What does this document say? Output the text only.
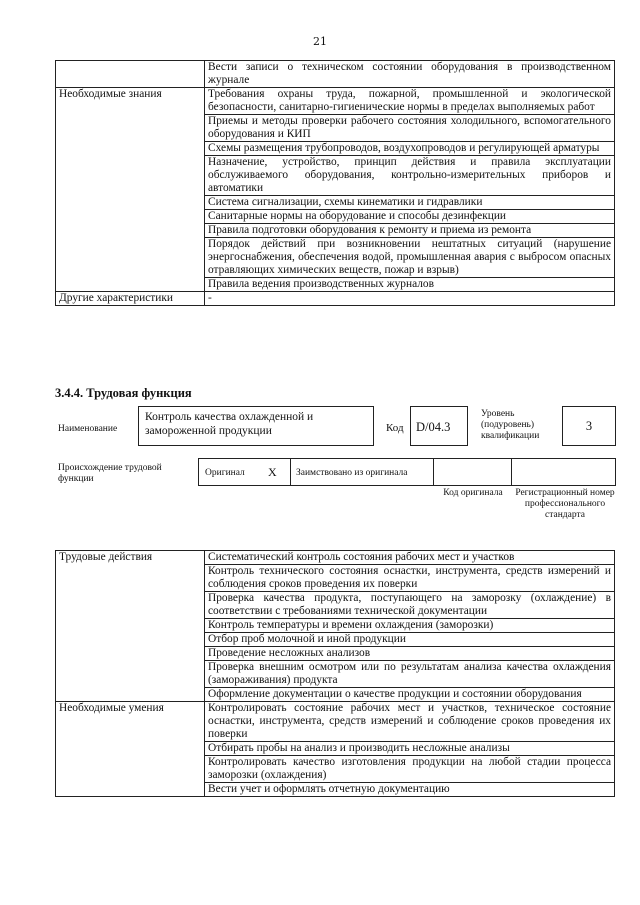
21
	Вести записи о техническом состоянии оборудования в производственном журнале
Необходимые знания	Требования охраны труда, пожарной, промышленной и экологической безопасности, санитарно-гигиенические нормы в пределах выполняемых работ
	Приемы и методы проверки рабочего состояния холодильного, вспомогательного оборудования и КИП
	Схемы размещения трубопроводов, воздухопроводов и регулирующей арматуры
	Назначение, устройство, принцип действия и правила эксплуатации обслуживаемого оборудования, контрольно-измерительных приборов и автоматики
	Система сигнализации, схемы кинематики и гидравлики
	Санитарные нормы на оборудование и способы дезинфекции
	Правила подготовки оборудования к ремонту и приема из ремонта
	Порядок действий при возникновении нештатных ситуаций (нарушение энергоснабжения, обеспечения водой, промышленная авария с выбросом опасных отравляющих химических веществ, пожар и взрыв)
	Правила ведения производственных журналов
Другие характеристики	-
3.4.4. Трудовая функция
Наименование
Контроль качества охлажденной и замороженной продукции	Код D/04.3
Уровень (подуровень) квалификации
3
Происхождение трудовой функции
Оригинал X Заимствовано из оригинала
Код оригинала	Регистрационный номер профессионального стандарта
Трудовые действия	Систематический контроль состояния рабочих мест и участков
	Контроль технического состояния оснастки, инструмента, средств измерений и соблюдения сроков проведения их поверки
	Проверка качества продукта, поступающего на заморозку (охлаждение) в соответствии с требованиями технической документации
	Контроль температуры и времени охлаждения (заморозки)
	Отбор проб молочной и иной продукции
	Проведение несложных анализов
	Проверка внешним осмотром или по результатам анализа качества охлаждения (замораживания) продукта
	Оформление документации о качестве продукции и состоянии оборудования
Необходимые умения	Контролировать состояние рабочих мест и участков, техническое состояние оснастки, инструмента, средств измерений и соблюдение сроков проведения их поверки
	Отбирать пробы на анализ и производить несложные анализы
	Контролировать качество изготовления продукции на любой стадии процесса заморозки (охлаждения)
	Вести учет и оформлять отчетную документацию
